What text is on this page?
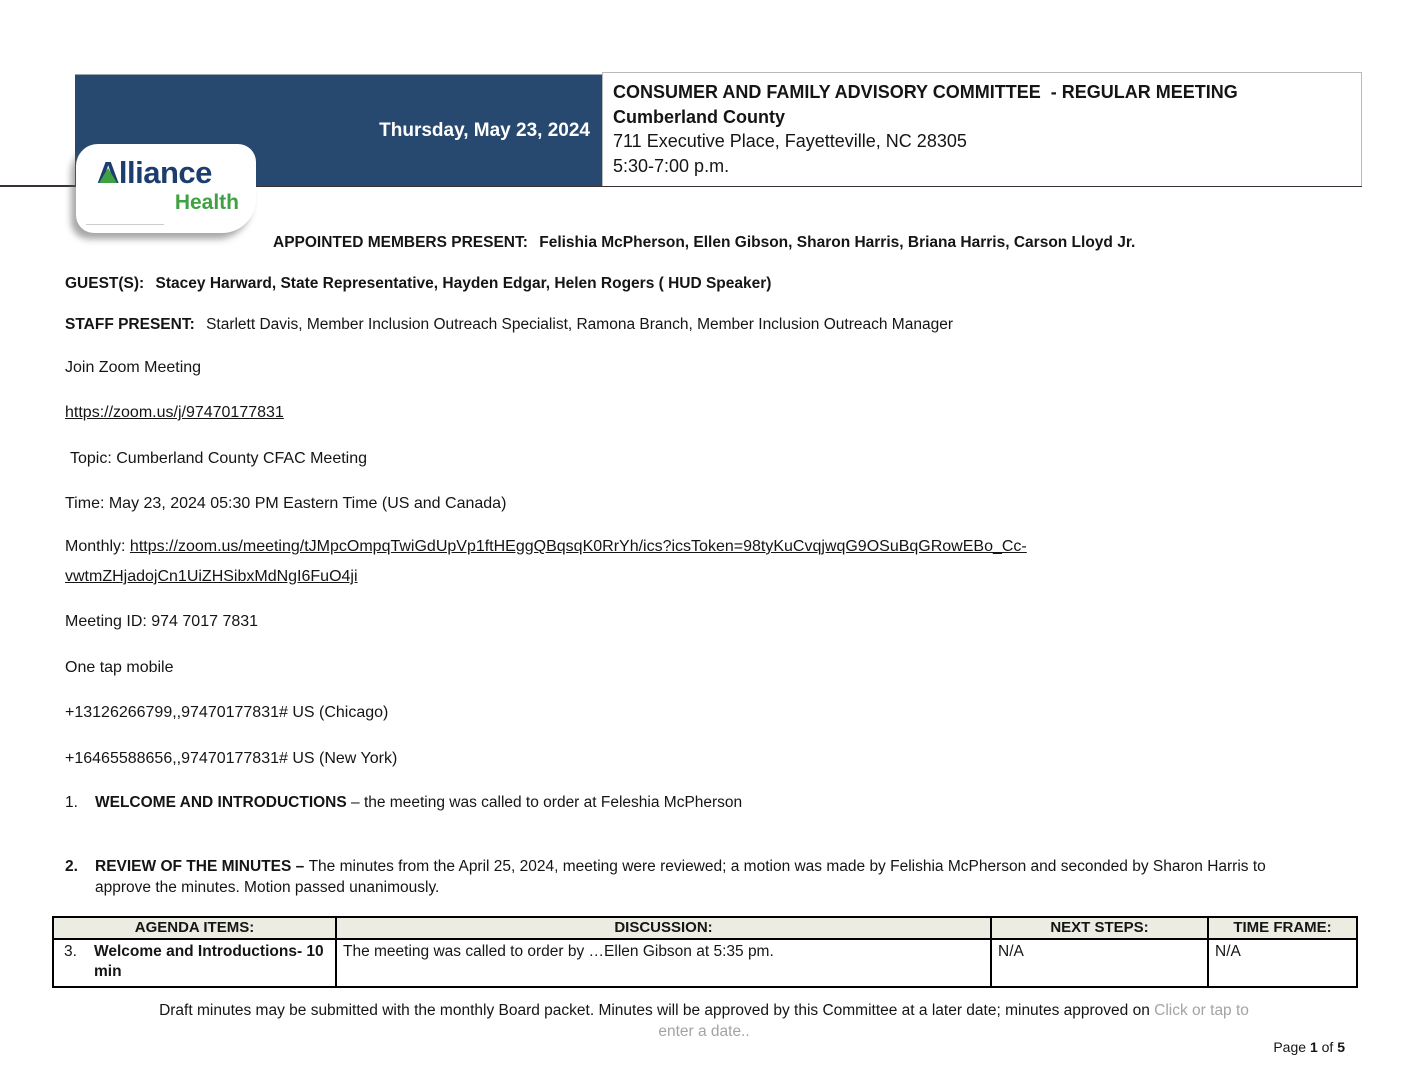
Thursday, May 23, 2024
CONSUMER AND FAMILY ADVISORY COMMITTEE  - REGULAR MEETING
Cumberland County
711 Executive Place, Fayetteville, NC 28305
5:30-7:00 p.m.
Alliance
Health
APPOINTED MEMBERS PRESENT: Felishia McPherson, Ellen Gibson, Sharon Harris, Briana Harris, Carson Lloyd Jr.
GUEST(S): Stacey Harward, State Representative, Hayden Edgar, Helen Rogers ( HUD Speaker)
STAFF PRESENT: Starlett Davis, Member Inclusion Outreach Specialist, Ramona Branch, Member Inclusion Outreach Manager
Join Zoom Meeting
https://zoom.us/j/97470177831
Topic: Cumberland County CFAC Meeting
Time: May 23, 2024 05:30 PM Eastern Time (US and Canada)
Monthly: https://zoom.us/meeting/tJMpcOmpqTwiGdUpVp1ftHEggQBqsqK0RrYh/ics?icsToken=98tyKuCvqjwqG9OSuBqGRowEBo_Cc-
vwtmZHjadojCn1UiZHSibxMdNgI6FuO4ji
Meeting ID: 974 7017 7831
One tap mobile
+13126266799,,97470177831# US (Chicago)
+16465588656,,97470177831# US (New York)
1. WELCOME AND INTRODUCTIONS – the meeting was called to order at Feleshia McPherson
2. REVIEW OF THE MINUTES – The minutes from the April 25, 2024, meeting were reviewed; a motion was made by Felishia McPherson and seconded by Sharon Harris to approve the minutes. Motion passed unanimously.
AGENDA ITEMS:	DISCUSSION:	NEXT STEPS:	TIME FRAME:

3. Welcome and Introductions- 10 min	The meeting was called to order by …Ellen Gibson at 5:35 pm.	N/A	N/A
Draft minutes may be submitted with the monthly Board packet. Minutes will be approved by this Committee at a later date; minutes approved on Click or tap to
enter a date..
Page 1 of 5
